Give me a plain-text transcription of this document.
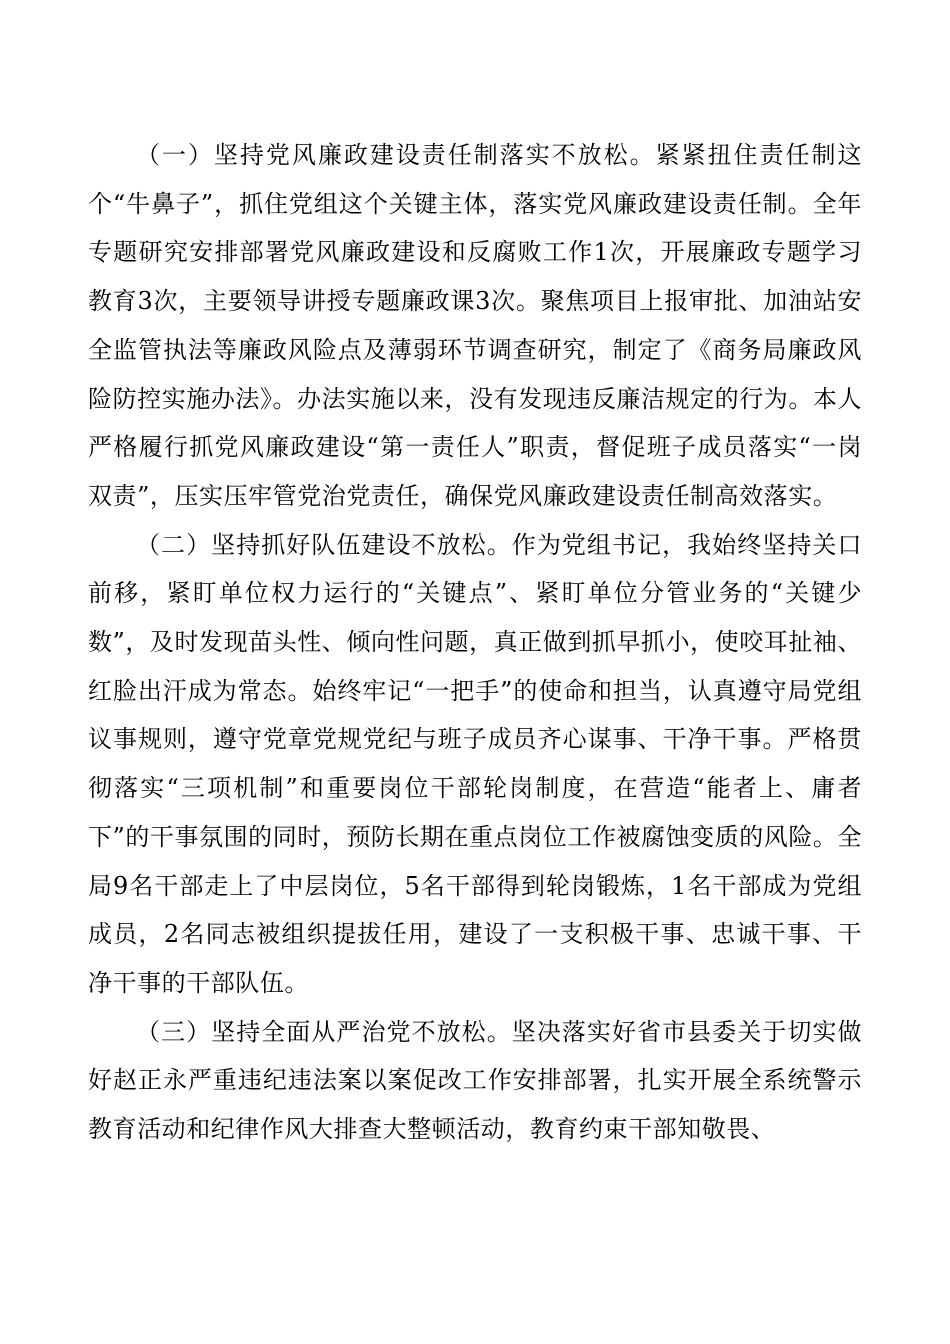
（一）坚持党风廉政建设责任制落实不放松。紧紧扭住责任制这个“牛鼻子”，抓住党组这个关键主体，落实党风廉政建设责任制。全年专题研究安排部署党风廉政建设和反腐败工作1次，开展廉政专题学习教育3次，主要领导讲授专题廉政课3次。聚焦项目上报审批、加油站安全监管执法等廉政风险点及薄弱环节调查研究，制定了《商务局廉政风险防控实施办法》。办法实施以来，没有发现违反廉洁规定的行为。本人严格履行抓党风廉政建设“第一责任人”职责，督促班子成员落实“一岗双责”，压实压牢管党治党责任，确保党风廉政建设责任制高效落实。

（二）坚持抓好队伍建设不放松。作为党组书记，我始终坚持关口前移，紧盯单位权力运行的“关键点”、紧盯单位分管业务的“关键少数”，及时发现苗头性、倾向性问题，真正做到抓早抓小，使咬耳扯袖、红脸出汗成为常态。始终牢记“一把手”的使命和担当，认真遵守局党组议事规则，遵守党章党规党纪与班子成员齐心谋事、干净干事。严格贯彻落实“三项机制”和重要岗位干部轮岗制度，在营造“能者上、庸者下”的干事氛围的同时，预防长期在重点岗位工作被腐蚀变质的风险。全局9名干部走上了中层岗位，5名干部得到轮岗锻炼，1名干部成为党组成员，2名同志被组织提拔任用，建设了一支积极干事、忠诚干事、干净干事的干部队伍。

（三）坚持全面从严治党不放松。坚决落实好省市县委关于切实做好赵正永严重违纪违法案以案促改工作安排部署，扎实开展全系统警示教育活动和纪律作风大排查大整顿活动，教育约束干部知敬畏、
